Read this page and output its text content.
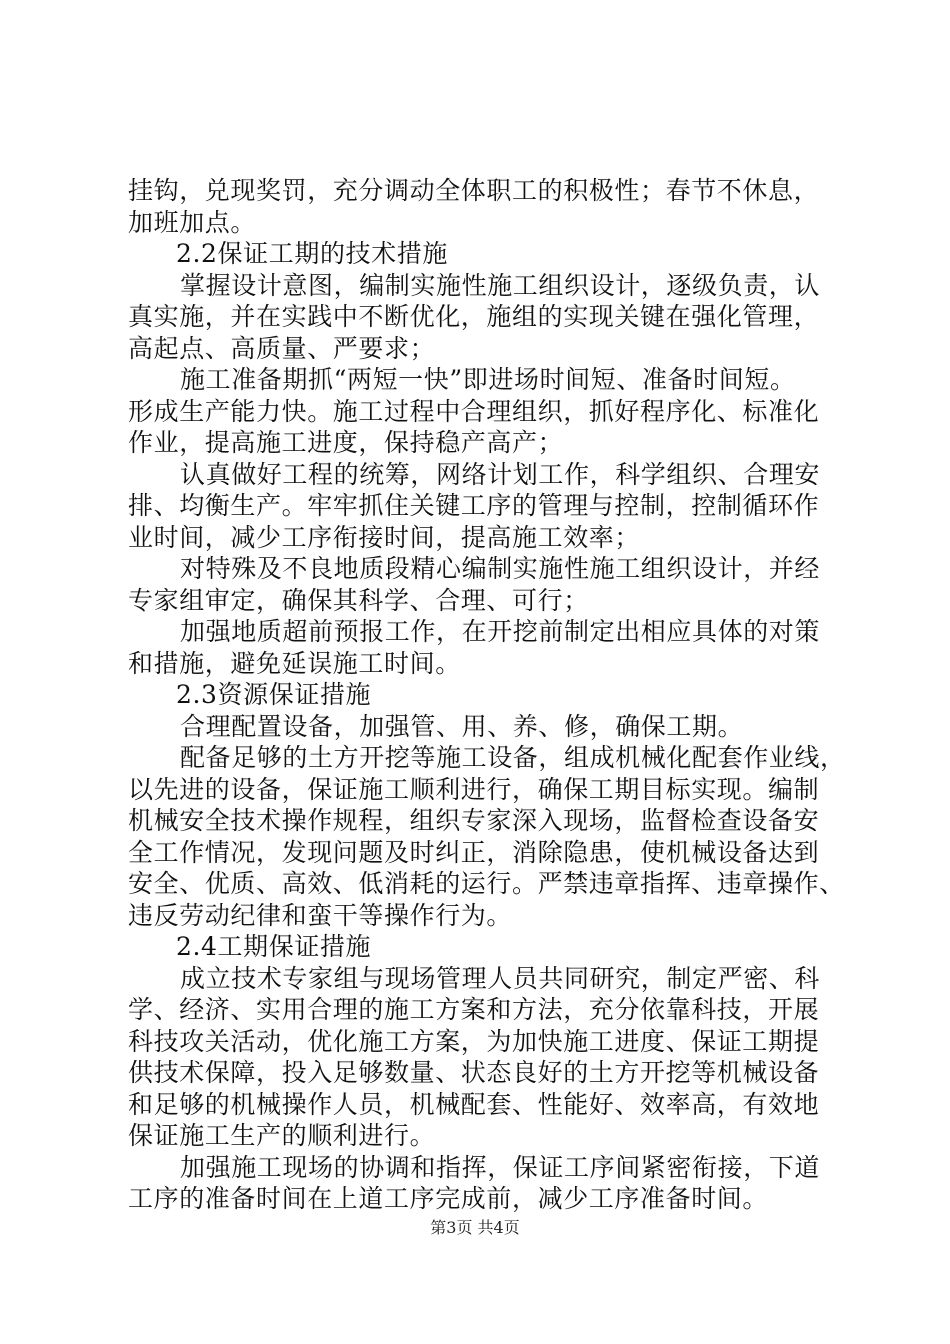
挂钩，兑现奖罚，充分调动全体职工的积极性；春节不休息，
加班加点。
2.2保证工期的技术措施
掌握设计意图，编制实施性施工组织设计，逐级负责，认
真实施，并在实践中不断优化，施组的实现关键在强化管理，
高起点、高质量、严要求；
施工准备期抓“两短一快”即进场时间短、准备时间短。
形成生产能力快。施工过程中合理组织，抓好程序化、标准化
作业，提高施工进度，保持稳产高产；
认真做好工程的统筹，网络计划工作，科学组织、合理安
排、均衡生产。牢牢抓住关键工序的管理与控制，控制循环作
业时间，减少工序衔接时间，提高施工效率；
对特殊及不良地质段精心编制实施性施工组织设计，并经
专家组审定，确保其科学、合理、可行；
加强地质超前预报工作，在开挖前制定出相应具体的对策
和措施，避免延误施工时间。
2.3资源保证措施
合理配置设备，加强管、用、养、修，确保工期。
配备足够的土方开挖等施工设备，组成机械化配套作业线，
以先进的设备，保证施工顺利进行，确保工期目标实现。编制
机械安全技术操作规程，组织专家深入现场，监督检查设备安
全工作情况，发现问题及时纠正，消除隐患，使机械设备达到
安全、优质、高效、低消耗的运行。严禁违章指挥、违章操作、
违反劳动纪律和蛮干等操作行为。
2.4工期保证措施
成立技术专家组与现场管理人员共同研究，制定严密、科
学、经济、实用合理的施工方案和方法，充分依靠科技，开展
科技攻关活动，优化施工方案，为加快施工进度、保证工期提
供技术保障，投入足够数量、状态良好的土方开挖等机械设备
和足够的机械操作人员，机械配套、性能好、效率高，有效地
保证施工生产的顺利进行。
加强施工现场的协调和指挥，保证工序间紧密衔接，下道
工序的准备时间在上道工序完成前，减少工序准备时间。
第3页 共4页
